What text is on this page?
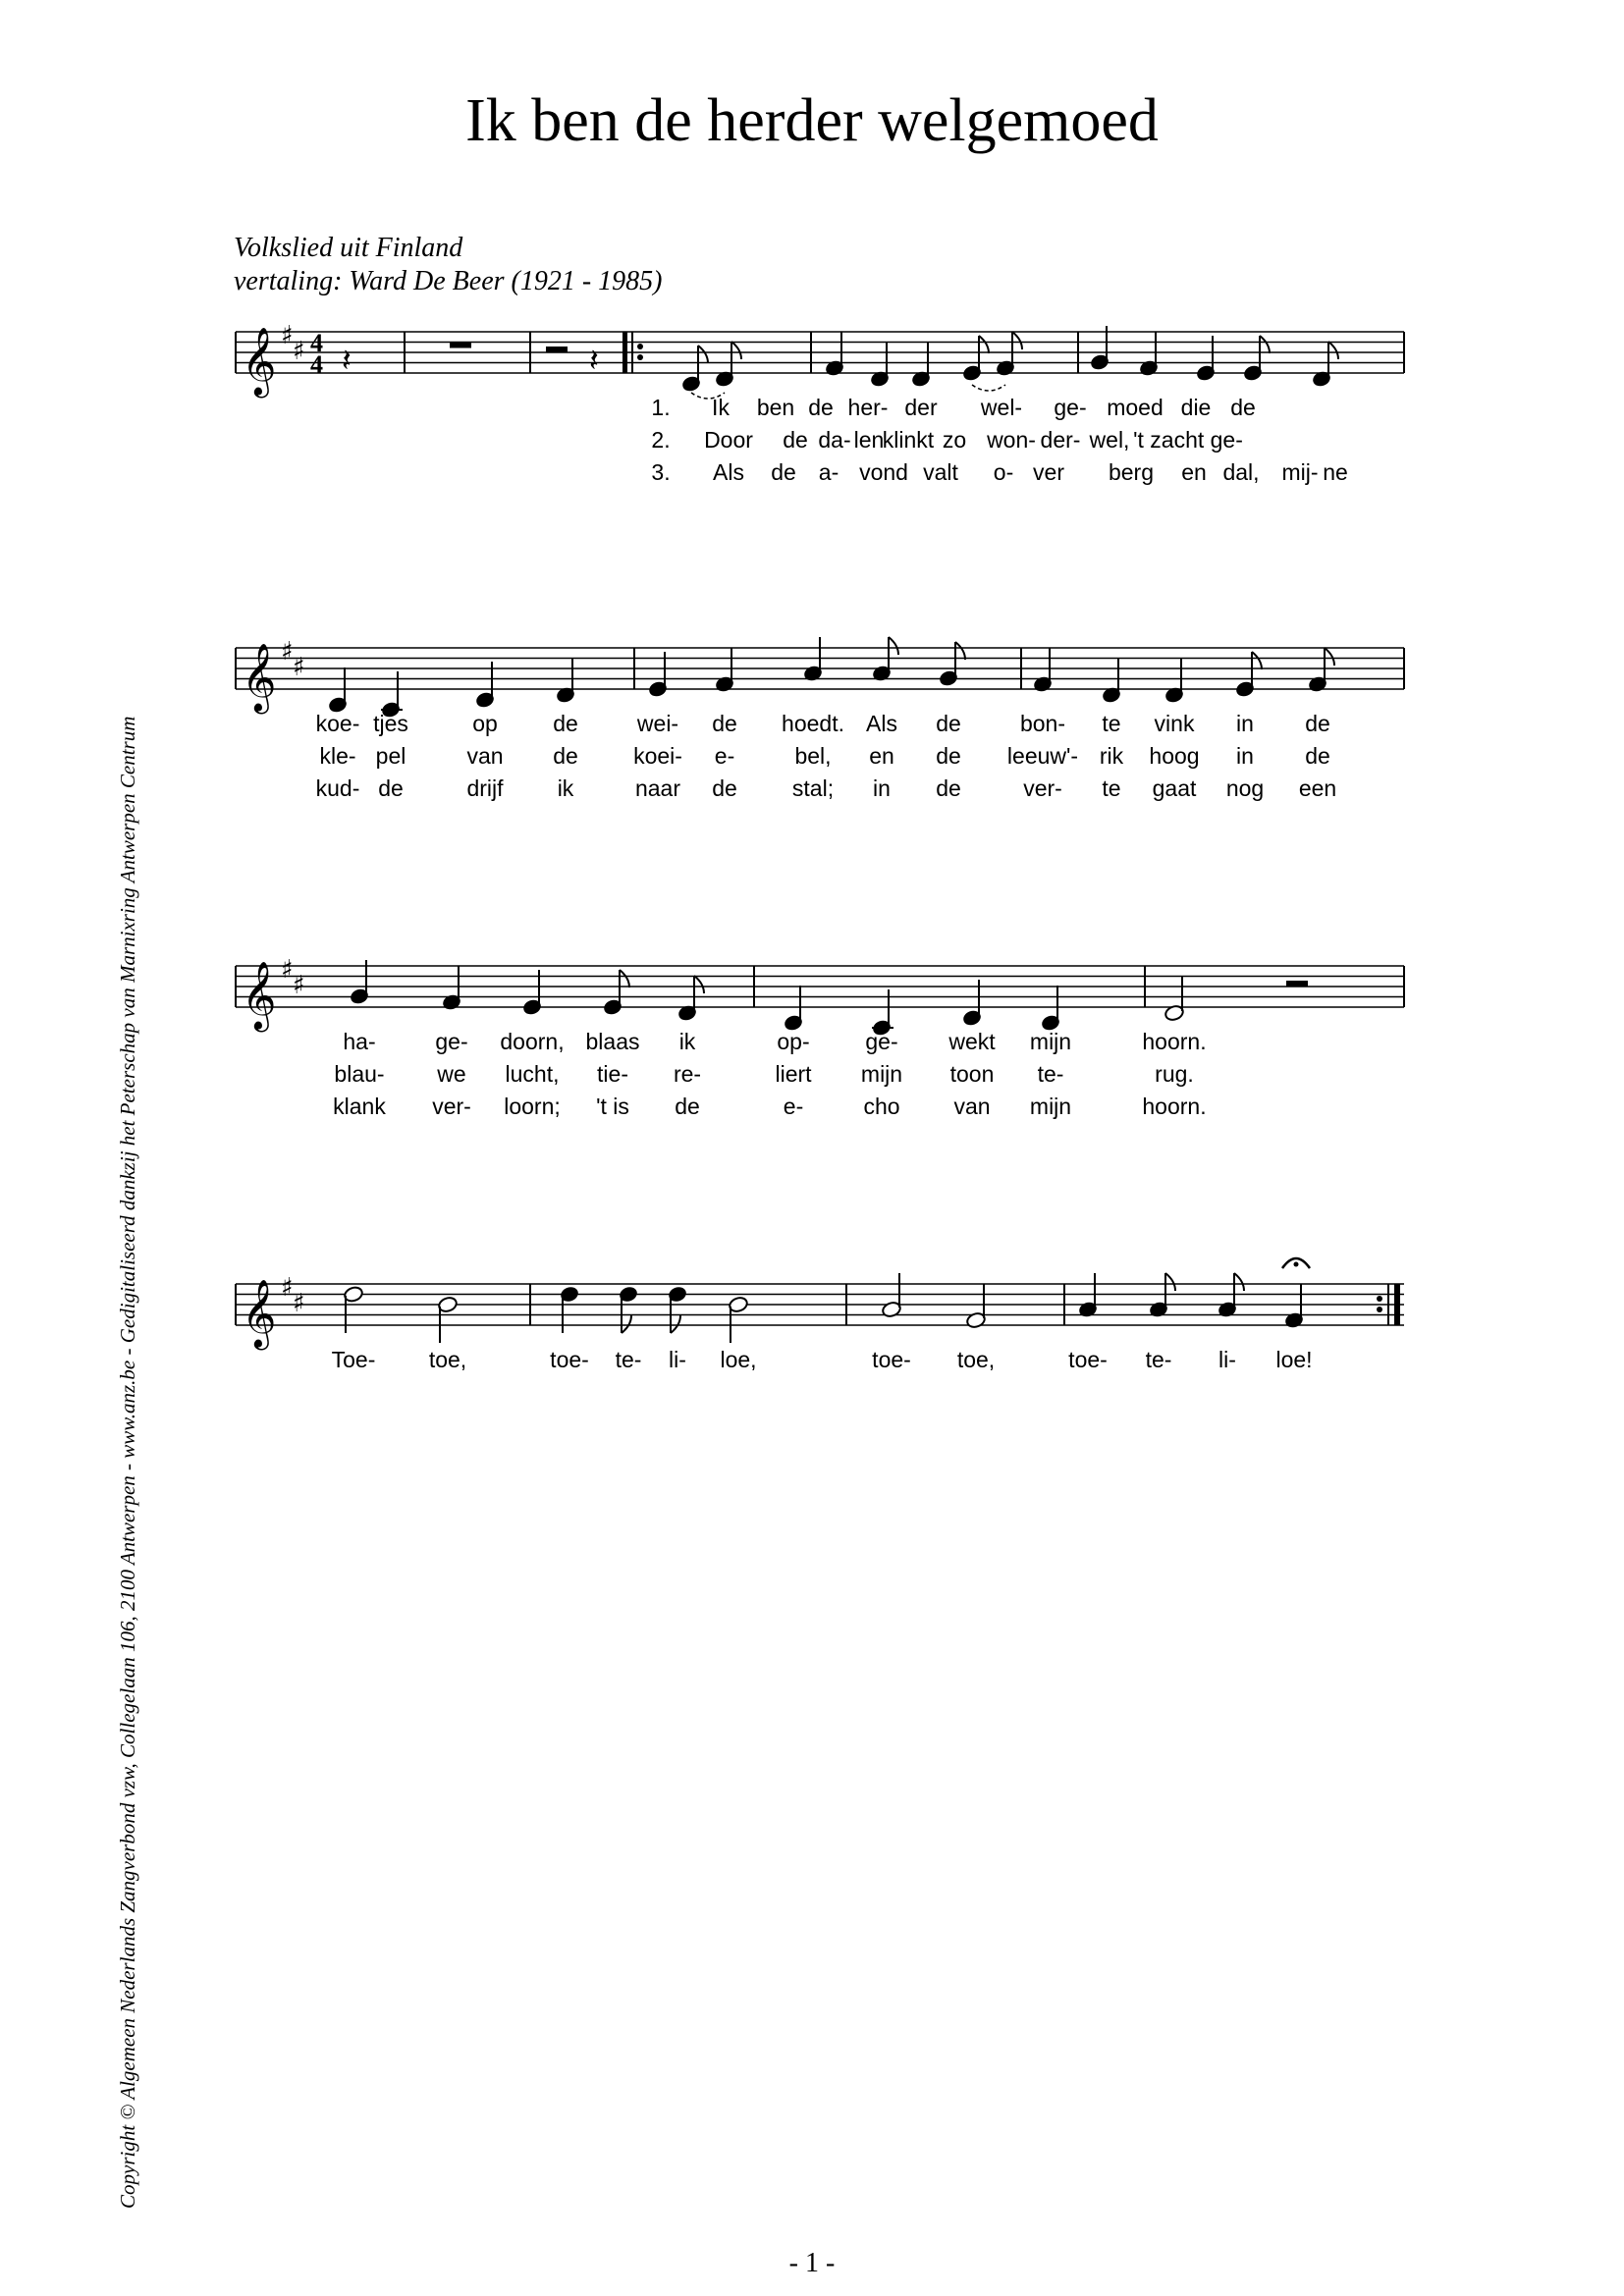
Ik ben de herder welgemoed
Volkslied uit Finland
vertaling: Ward De Beer (1921 - 1985)
Copyright © Algemeen Nederlands Zangverbond vzw, Collegelaan 106, 2100 Antwerpen - www.anz.be - Gedigitaliseerd dankzij het Peterschap van Marnixring Antwerpen Centrum
𝄞 ♯
♯ 4
4 𝄽	𝄽
1. Ik ben de her- der wel- ge- moed die de
2. Door de da- len
klinkt zo won- der- wel, 't zacht ge-
3. Als de a- vond valt o- ver berg en dal, mij- ne
𝄞 ♯
♯
koe- tjes	op de	wei- de hoedt. Als de	bon- te vink in de
kle- pel	van de koei- e-	bel, en de leeuw'- rik hoog in de
kud- de	drijf ik	naar de stal; in de	ver- te gaat nog een
𝄞 ♯
♯
ha-	ge- doorn, blaas ik	op- ge- wekt mijn	hoorn.
blau- we lucht, tie- re-	liert mijn toon te-	rug.
klank ver- loorn; 't is de	e-	cho van mijn	hoorn.
𝄞 ♯
♯
Toe- toe,	toe- te- li- loe,	toe- toe,	toe- te- li- loe!
- 1 -
